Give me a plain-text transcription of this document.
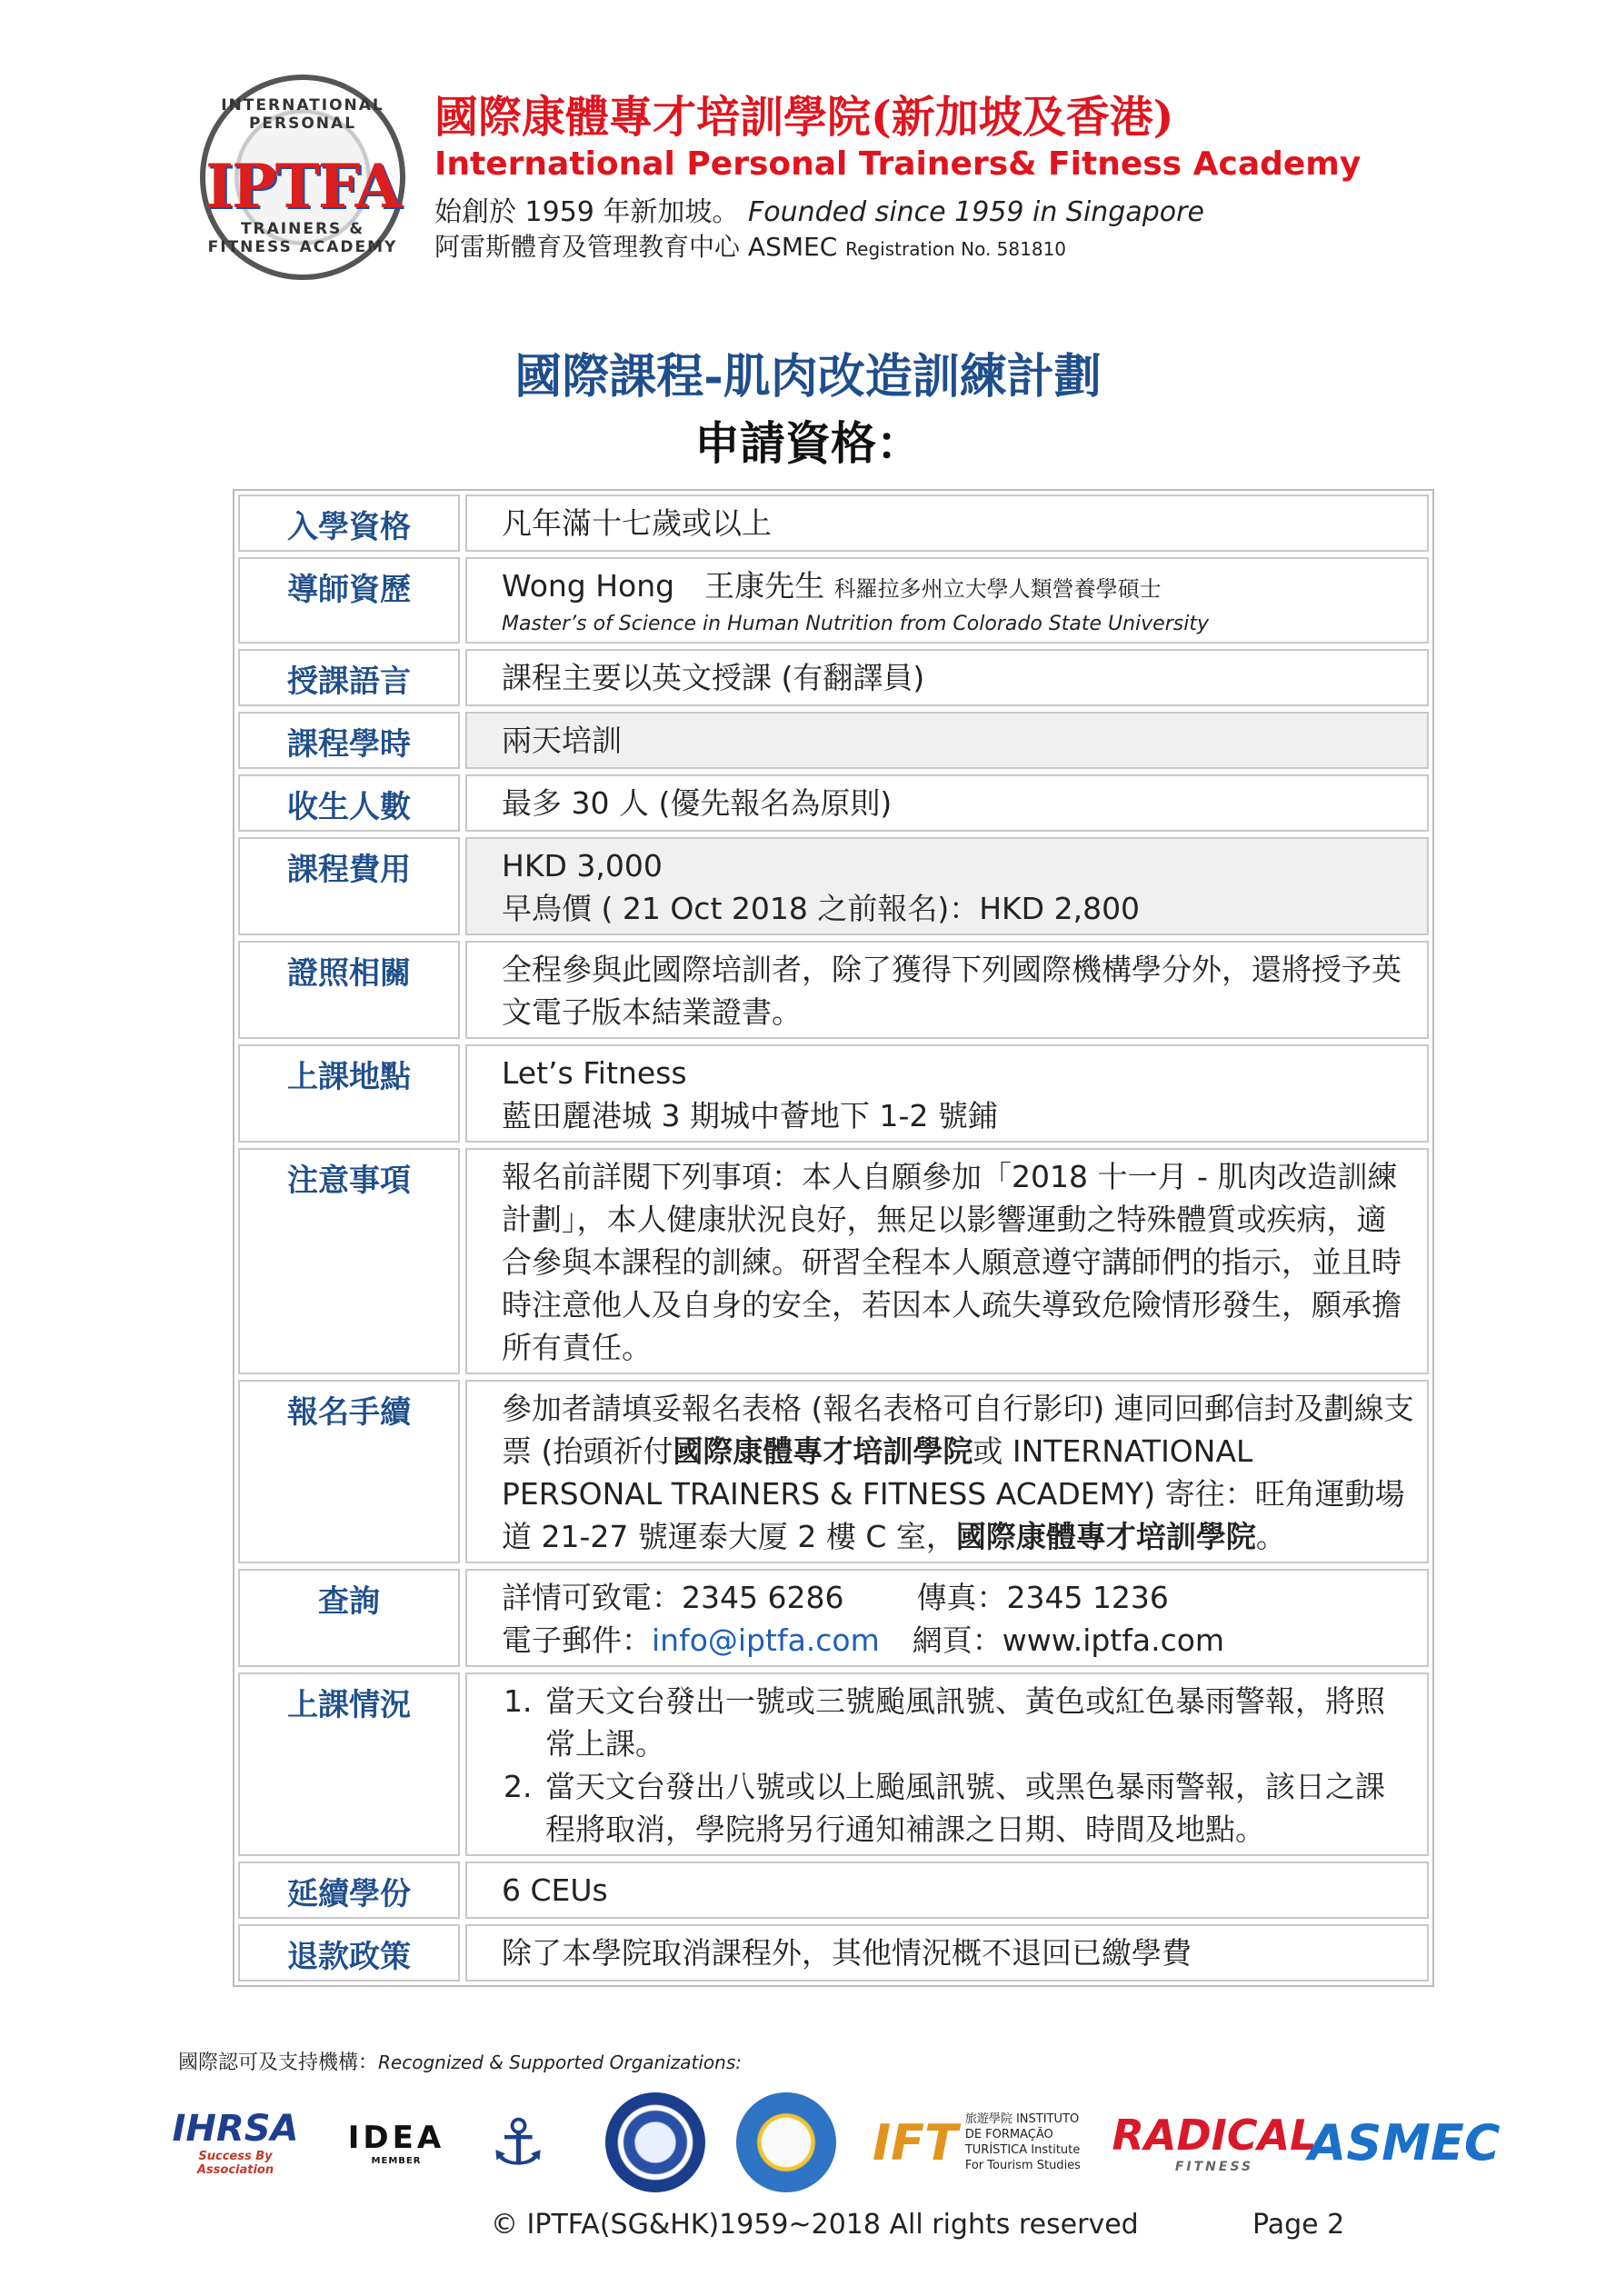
INTERNATIONAL PERSONAL
IPTFA
TRAINERS & FITNESS ACADEMY
國際康體專才培訓學院(新加坡及香港)
International Personal Trainers& Fitness Academy
始創於 1959 年新加坡。 Founded since 1959 in Singapore
阿雷斯體育及管理教育中心 ASMEC Registration No. 581810
國際課程-肌肉改造訓練計劃
申請資格：
入學資格	凡年滿十七歲或以上
導師資歷	Wong Hong　王康先生 科羅拉多州立大學人類營養學碩士
Master’s of Science in Human Nutrition from Colorado State University
授課語言	課程主要以英文授課 (有翻譯員)
課程學時	兩天培訓
收生人數	最多 30 人 (優先報名為原則)
課程費用	HKD 3,000
早鳥價 ( 21 Oct 2018 之前報名)：HKD 2,800
證照相關	全程參與此國際培訓者，除了獲得下列國際機構學分外，還將授予英文電子版本結業證書。
上課地點	Let’s Fitness
藍田麗港城 3 期城中薈地下 1-2 號鋪
注意事項	報名前詳閱下列事項：本人自願參加「2018 十一月 - 肌肉改造訓練計劃」，本人健康狀況良好，無足以影響運動之特殊體質或疾病，適合參與本課程的訓練。研習全程本人願意遵守講師們的指示，並且時時注意他人及自身的安全，若因本人疏失導致危險情形發生，願承擔所有責任。
報名手續	參加者請填妥報名表格 (報名表格可自行影印) 連同回郵信封及劃線支票 (抬頭祈付國際康體專才培訓學院或 INTERNATIONAL PERSONAL TRAINERS & FITNESS ACADEMY) 寄往：旺角運動場道 21-27 號運泰大厦 2 樓 C 室，國際康體專才培訓學院。
查詢	詳情可致電：2345 6286 傳真：2345 1236
電子郵件：info@iptfa.com 網頁：www.iptfa.com
上課情況
1.	當天文台發出一號或三號颱風訊號、黃色或紅色暴雨警報，將照常上課。
2. 當天文台發出八號或以上颱風訊號、或黑色暴雨警報，該日之課程將取消，學院將另行通知補課之日期、時間及地點。
延續學份	6 CEUs
退款政策	除了本學院取消課程外，其他情況概不退回已繳學費
國際認可及支持機構：Recognized & Supported Organizations:
IHRSA
Success By Association
IDEA
MEMBER ⚓	IFT 旅遊學院 INSTITUTO DE FORMAÇÃO TURÍSTICA Institute For Tourism Studies
RADICAL
FITNESS ASMEC
© IPTFA(SG&HK)1959~2018 All rights reserved	Page 2
